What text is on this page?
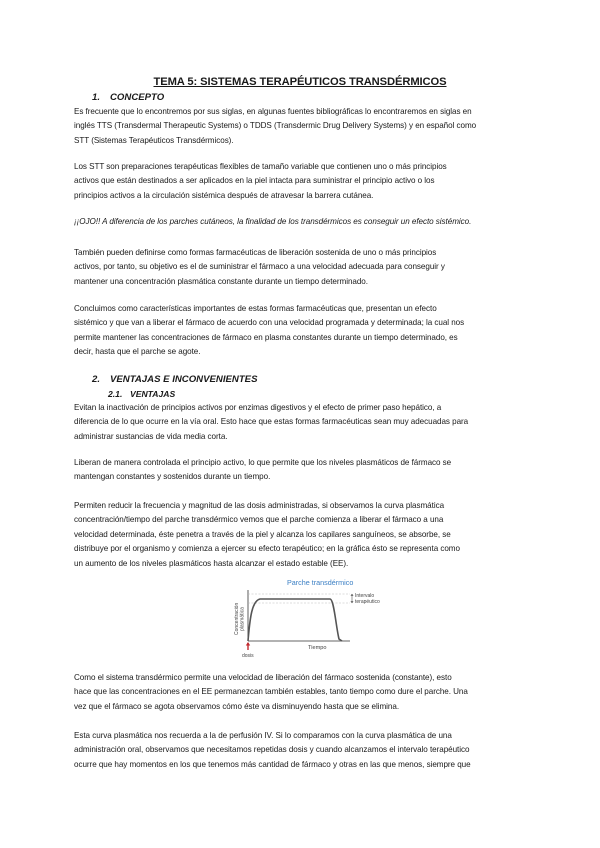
TEMA 5: SISTEMAS TERAPÉUTICOS TRANSDÉRMICOS
1. CONCEPTO
Es frecuente que lo encontremos por sus siglas, en algunas fuentes bibliográficas lo encontraremos en siglas en
inglés TTS (Transdermal Therapeutic Systems) o TDDS (Transdermic Drug Delivery Systems) y en español como
STT (Sistemas Terapéuticos Transdérmicos).
Los STT son preparaciones terapéuticas flexibles de tamaño variable que contienen uno o más principios
activos que están destinados a ser aplicados en la piel intacta para suministrar el principio activo o los
principios activos a la circulación sistémica después de atravesar la barrera cutánea.
¡¡OJO!! A diferencia de los parches cutáneos, la finalidad de los transdérmicos es conseguir un efecto sistémico.
También pueden definirse como formas farmacéuticas de liberación sostenida de uno o más principios
activos, por tanto, su objetivo es el de suministrar el fármaco a una velocidad adecuada para conseguir y
mantener una concentración plasmática constante durante un tiempo determinado.
Concluimos como características importantes de estas formas farmacéuticas que, presentan un efecto
sistémico y que van a liberar el fármaco de acuerdo con una velocidad programada y determinada; la cual nos
permite mantener las concentraciones de fármaco en plasma constantes durante un tiempo determinado, es
decir, hasta que el parche se agote.
2. VENTAJAS E INCONVENIENTES
2.1. VENTAJAS
Evitan la inactivación de principios activos por enzimas digestivos y el efecto de primer paso hepático, a
diferencia de lo que ocurre en la vía oral. Esto hace que estas formas farmacéuticas sean muy adecuadas para
administrar sustancias de vida media corta.
Liberan de manera controlada el principio activo, lo que permite que los niveles plasmáticos de fármaco se
mantengan constantes y sostenidos durante un tiempo.
Permiten reducir la frecuencia y magnitud de las dosis administradas, si observamos la curva plasmática
concentración/tiempo del parche transdérmico vemos que el parche comienza a liberar el fármaco a una
velocidad determinada, éste penetra a través de la piel y alcanza los capilares sanguíneos, se absorbe, se
distribuye por el organismo y comienza a ejercer su efecto terapéutico; en la gráfica ésto se representa como
un aumento de los niveles plasmáticos hasta alcanzar el estado estable (EE).
Parche transdérmico
Concentración plasmática
Intervalo
terapéutico
dosis
Tiempo
Como el sistema transdérmico permite una velocidad de liberación del fármaco sostenida (constante), esto
hace que las concentraciones en el EE permanezcan también estables, tanto tiempo como dure el parche. Una
vez que el fármaco se agota observamos cómo éste va disminuyendo hasta que se elimina.
Esta curva plasmática nos recuerda a la de perfusión IV. Si lo comparamos con la curva plasmática de una
administración oral, observamos que necesitamos repetidas dosis y cuando alcanzamos el intervalo terapéutico
ocurre que hay momentos en los que tenemos más cantidad de fármaco y otras en las que menos, siempre que
